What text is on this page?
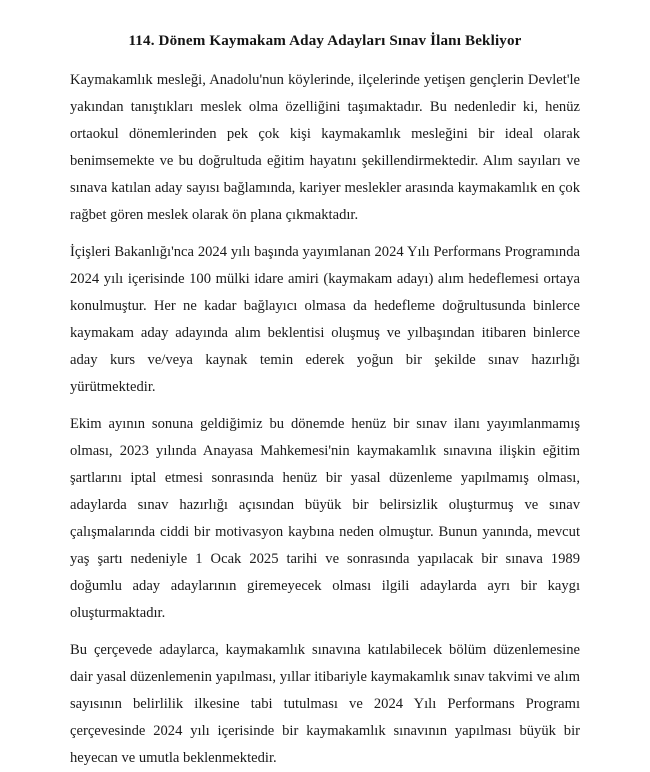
114. Dönem Kaymakam Aday Adayları Sınav İlanı Bekliyor

Kaymakamlık mesleği, Anadolu'nun köylerinde, ilçelerinde yetişen gençlerin Devlet'le yakından tanıştıkları meslek olma özelliğini taşımaktadır. Bu nedenledir ki, henüz ortaokul dönemlerinden pek çok kişi kaymakamlık mesleğini bir ideal olarak benimsemekte ve bu doğrultuda eğitim hayatını şekillendirmektedir. Alım sayıları ve sınava katılan aday sayısı bağlamında, kariyer meslekler arasında kaymakamlık en çok rağbet gören meslek olarak ön plana çıkmaktadır.

İçişleri Bakanlığı'nca 2024 yılı başında yayımlanan 2024 Yılı Performans Programında 2024 yılı içerisinde 100 mülki idare amiri (kaymakam adayı) alım hedeflemesi ortaya konulmuştur. Her ne kadar bağlayıcı olmasa da hedefleme doğrultusunda binlerce kaymakam aday adayında alım beklentisi oluşmuş ve yılbaşından itibaren binlerce aday kurs ve/veya kaynak temin ederek yoğun bir şekilde sınav hazırlığı yürütmektedir.

Ekim ayının sonuna geldiğimiz bu dönemde henüz bir sınav ilanı yayımlanmamış olması, 2023 yılında Anayasa Mahkemesi'nin kaymakamlık sınavına ilişkin eğitim şartlarını iptal etmesi sonrasında henüz bir yasal düzenleme yapılmamış olması, adaylarda sınav hazırlığı açısından büyük bir belirsizlik oluşturmuş ve sınav çalışmalarında ciddi bir motivasyon kaybına neden olmuştur. Bunun yanında, mevcut yaş şartı nedeniyle 1 Ocak 2025 tarihi ve sonrasında yapılacak bir sınava 1989 doğumlu aday adaylarının giremeyecek olması ilgili adaylarda ayrı bir kaygı oluşturmaktadır.

Bu çerçevede adaylarca, kaymakamlık sınavına katılabilecek bölüm düzenlemesine dair yasal düzenlemenin yapılması, yıllar itibariyle kaymakamlık sınav takvimi ve alım sayısının belirlilik ilkesine tabi tutulması ve 2024 Yılı Performans Programı çerçevesinde 2024 yılı içerisinde bir kaymakamlık sınavının yapılması büyük bir heyecan ve umutla beklenmektedir.
